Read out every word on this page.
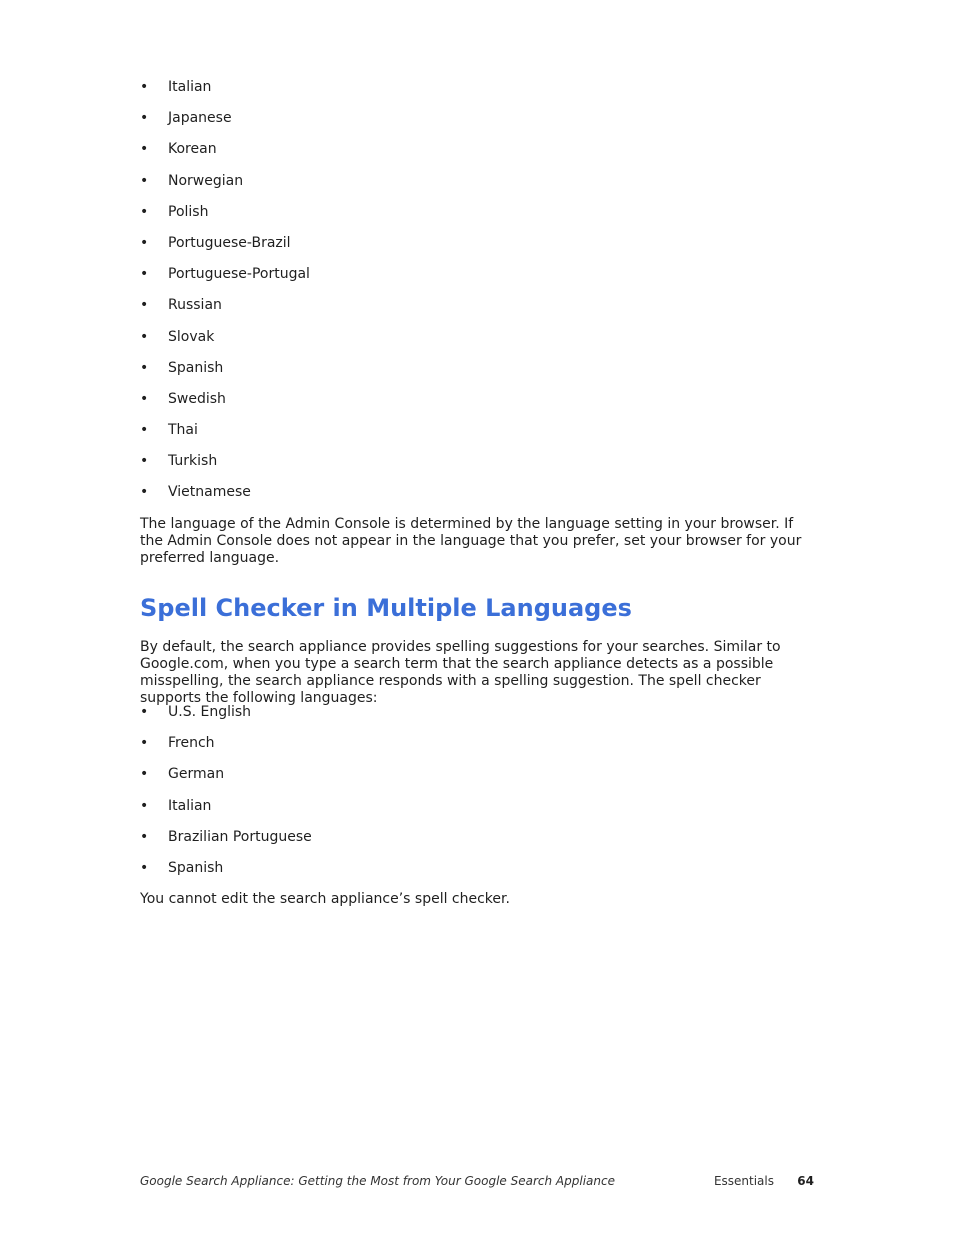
• Italian
• Japanese
• Korean
• Norwegian
• Polish
• Portuguese-Brazil
• Portuguese-Portugal
• Russian
• Slovak
• Spanish
• Swedish
• Thai
• Turkish
• Vietnamese

The language of the Admin Console is determined by the language setting in your browser. If the Admin Console does not appear in the language that you prefer, set your browser for your preferred language.

Spell Checker in Multiple Languages

By default, the search appliance provides spelling suggestions for your searches. Similar to Google.com, when you type a search term that the search appliance detects as a possible misspelling, the search appliance responds with a spelling suggestion. The spell checker supports the following languages:

• U.S. English
• French
• German
• Italian
• Brazilian Portuguese
• Spanish

You cannot edit the search appliance’s spell checker.

Google Search Appliance: Getting the Most from Your Google Search Appliance	Essentials 64
